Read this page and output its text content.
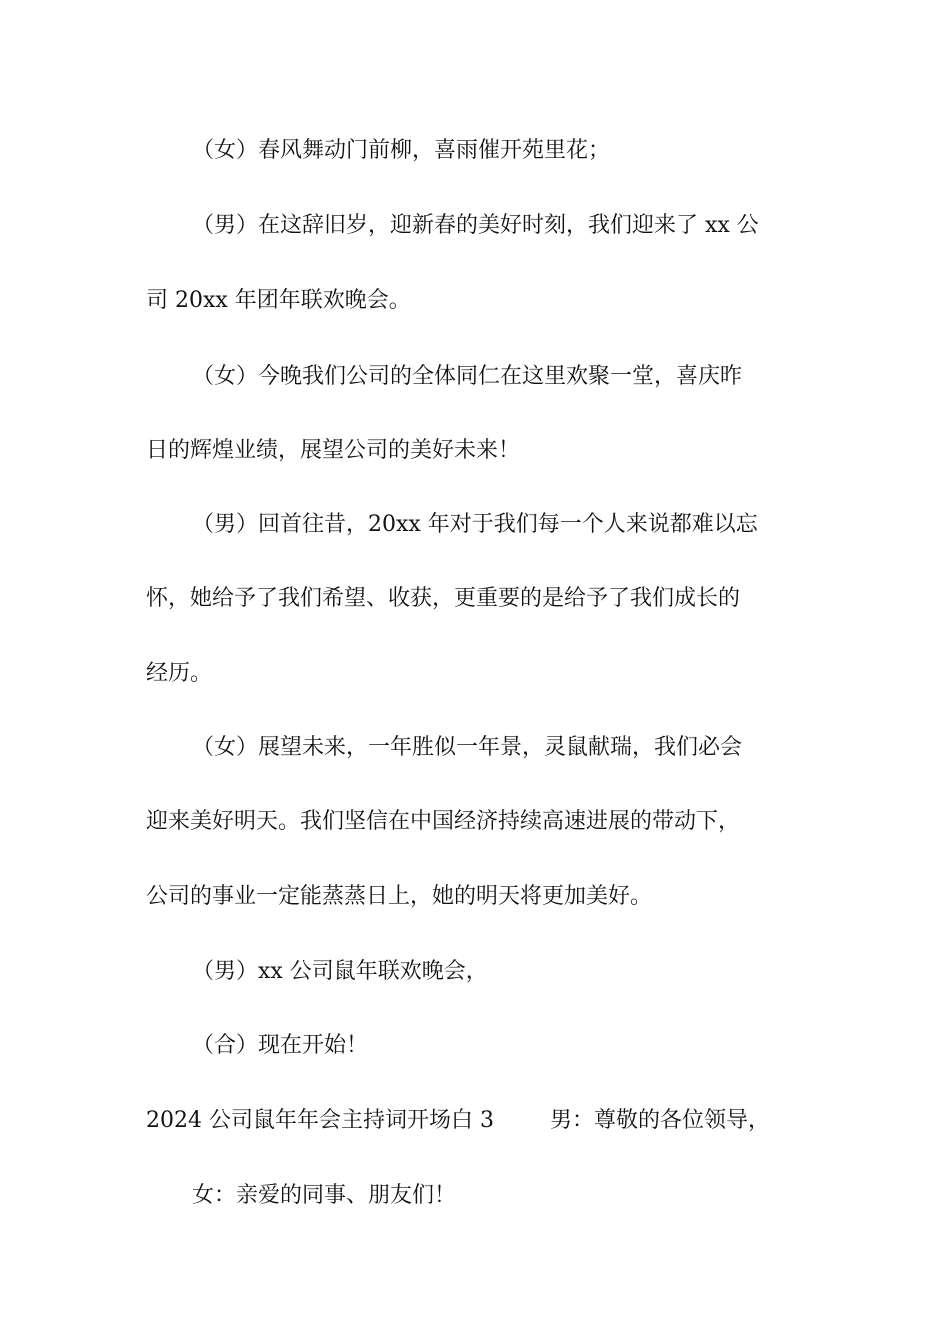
（女）春风舞动门前柳，喜雨催开苑里花；
（男）在这辞旧岁，迎新春的美好时刻，我们迎来了 xx 公
司 20xx 年团年联欢晚会。
（女）今晚我们公司的全体同仁在这里欢聚一堂，喜庆昨
日的辉煌业绩，展望公司的美好未来！
（男）回首往昔，20xx 年对于我们每一个人来说都难以忘
怀，她给予了我们希望、收获，更重要的是给予了我们成长的
经历。
（女）展望未来，一年胜似一年景，灵鼠献瑞，我们必会
迎来美好明天。我们坚信在中国经济持续高速进展的带动下，
公司的事业一定能蒸蒸日上，她的明天将更加美好。
（男）xx 公司鼠年联欢晚会，
（合）现在开始！
2024 公司鼠年年会主持词开场白 3	男：尊敬的各位领导，
女：亲爱的同事、朋友们！
